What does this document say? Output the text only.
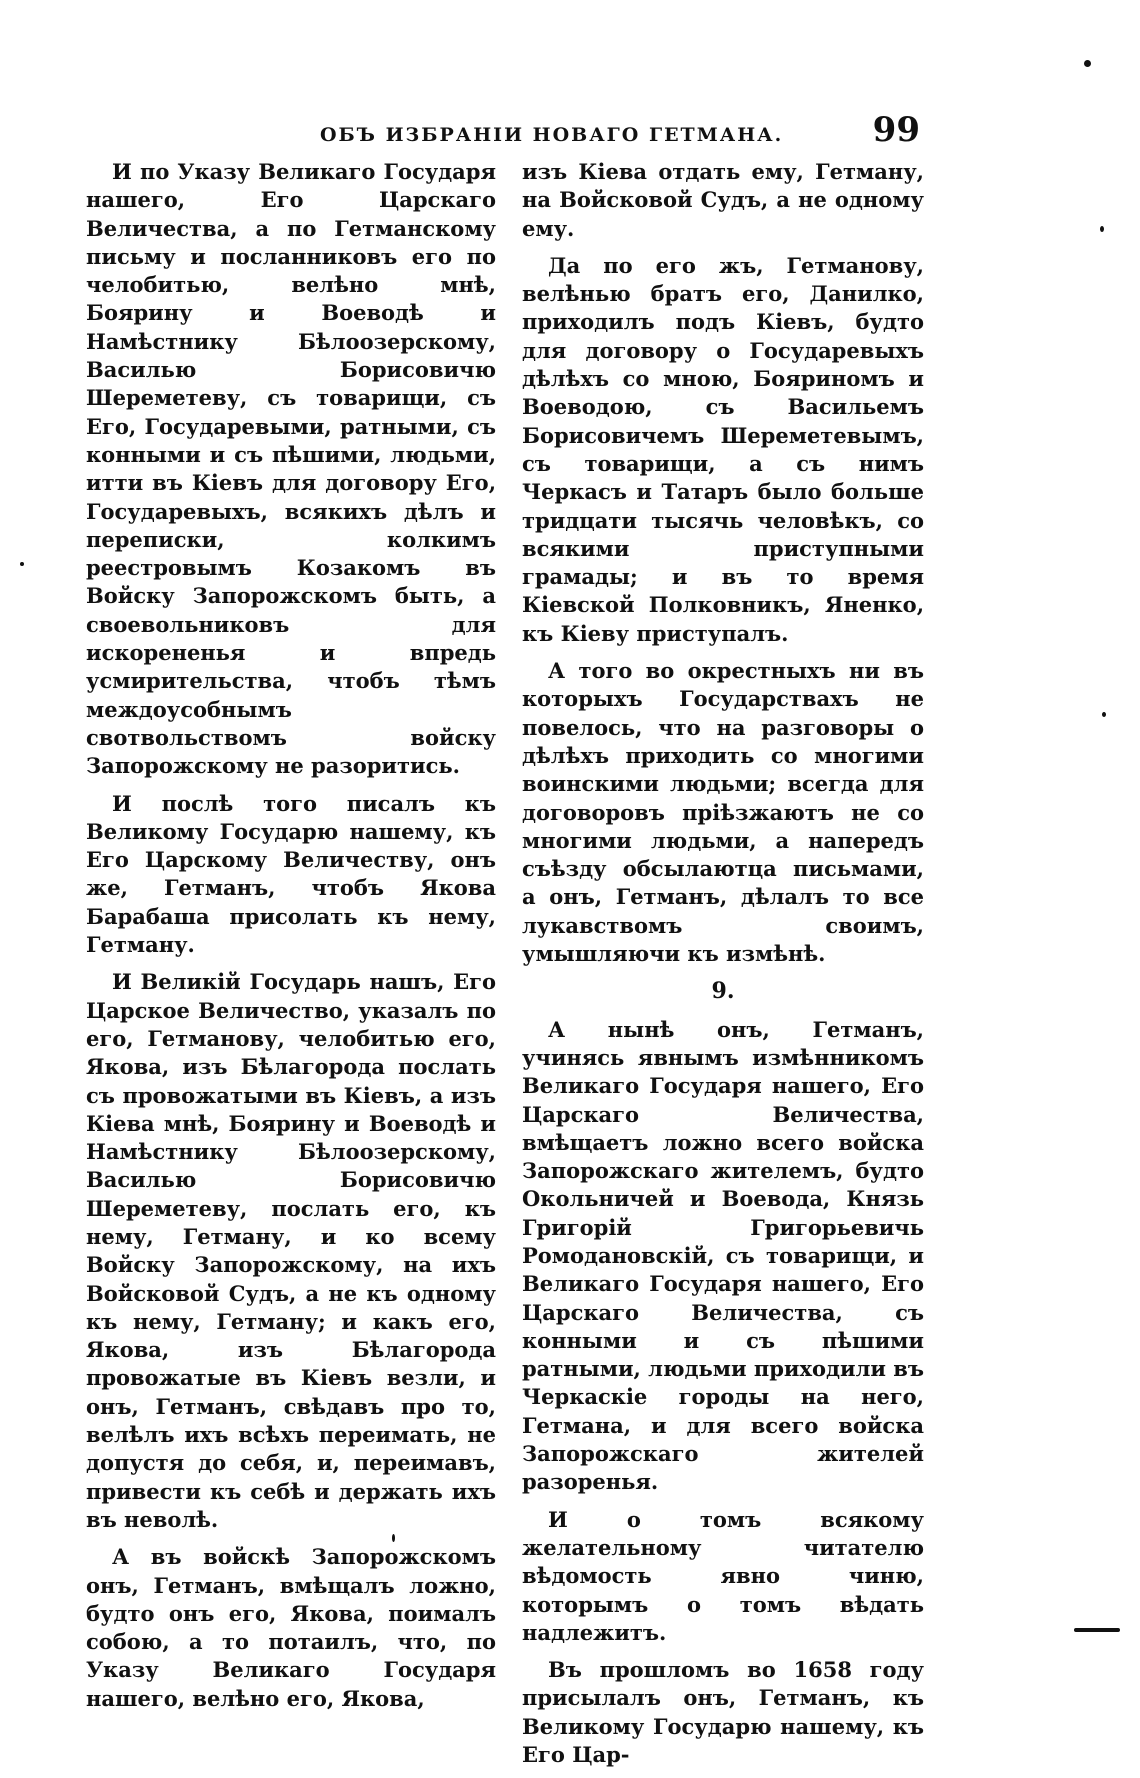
ОБЪ ИЗБРАНІИ НОВАГО ГЕТМАНА.	99

И по Указу Великаго Государя нашего, Его Царскаго Величества, а по Гетманскому письму и посланниковъ его по челобитью, велѣно мнѣ, Боярину и Воеводѣ и Намѣстнику Бѣлоозерскому, Василью Борисовичю Шереметеву, съ товарищи, съ Его, Государевыми, ратными, съ конными и съ пѣшими, людьми, итти въ Кіевъ для договору Его, Государевыхъ, всякихъ дѣлъ и переписки, колкимъ реестровымъ Козакомъ въ Войску Запорожскомъ быть, а своевольниковъ для искорененья и впредь усмирительства, чтобъ тѣмъ междоусобнымъ свотвольствомъ войску Запорожскому не разоритись.

И послѣ того писалъ къ Великому Государю нашему, къ Его Царскому Величеству, онъ же, Гетманъ, чтобъ Якова Барабаша присолать къ нему, Гетману.

И Великій Государь нашъ, Его Царское Величество, указалъ по его, Гетманову, челобитью его, Якова, изъ Бѣлагорода послать съ провожатыми въ Кіевъ, а изъ Кіева мнѣ, Боярину и Воеводѣ и Намѣстнику Бѣлоозерскому, Василью Борисовичю Шереметеву, послать его, къ нему, Гетману, и ко всему Войску Запорожскому, на ихъ Войсковой Судъ, а не къ одному къ нему, Гетману; и какъ его, Якова, изъ Бѣлагорода провожатые въ Кіевъ везли, и онъ, Гетманъ, свѣдавъ про то, велѣлъ ихъ всѣхъ переимать, не допустя до себя, и, переимавъ, привести къ себѣ и держать ихъ въ неволѣ.

А въ войскѣ Запорожскомъ онъ, Гетманъ, вмѣщалъ ложно, будто онъ его, Якова, поималъ собою, а то потаилъ, что, по Указу Великаго Государя нашего, велѣно его, Якова,

изъ Кіева отдать ему, Гетману, на Войсковой Судъ, а не одному ему.

Да по его жъ, Гетманову, велѣнью братъ его, Данилко, приходилъ подъ Кіевъ, будто для договору о Государевыхъ дѣлѣхъ со мною, Бояриномъ и Воеводою, съ Васильемъ Борисовичемъ Шереметевымъ, съ товарищи, а съ нимъ Черкасъ и Татаръ было больше тридцати тысячь человѣкъ, со всякими приступными грамады; и въ то время Кіевской Полковникъ, Яненко, къ Кіеву приступалъ.

А того во окрестныхъ ни въ которыхъ Государствахъ не повелось, что на разговоры о дѣлѣхъ приходить со многими воинскими людьми; всегда для договоровъ пріѣзжаютъ не со многими людьми, а напередъ съѣзду обсылаютца письмами, а онъ, Гетманъ, дѣлалъ то все лукавствомъ своимъ, умышляючи къ измѣнѣ.

9.

А нынѣ онъ, Гетманъ, учинясь явнымъ измѣнникомъ Великаго Государя нашего, Его Царскаго Величества, вмѣщаетъ ложно всего войска Запорожскаго жителемъ, будто Окольничей и Воевода, Князь Григорій Григорьевичь Ромодановскій, съ товарищи, и Великаго Государя нашего, Его Царскаго Величества, съ конными и съ пѣшими ратными, людьми приходили въ Черкаскіе городы на него, Гетмана, и для всего войска Запорожскаго жителей разоренья.

И о томъ всякому желательному читателю вѣдомость явно чиню, которымъ о томъ вѣдать надлежитъ.

Въ прошломъ во 1658 году присылалъ онъ, Гетманъ, къ Великому Государю нашему, къ Его Цар-
